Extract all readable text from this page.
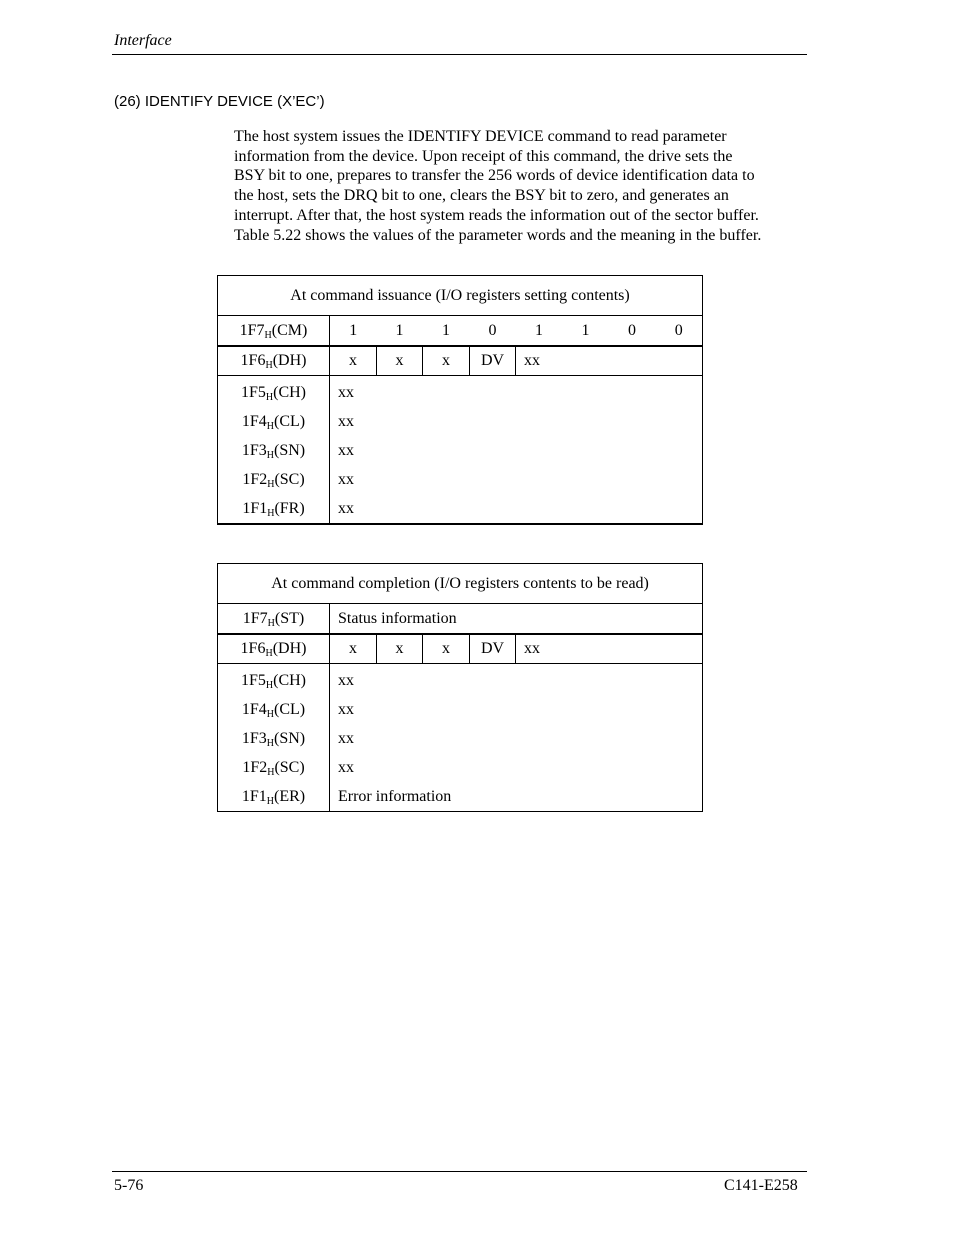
Interface
(26) IDENTIFY DEVICE (X’EC’)
The host system issues the IDENTIFY DEVICE command to read parameter
information from the device. Upon receipt of this command, the drive sets the
BSY bit to one, prepares to transfer the 256 words of device identification data to
the host, sets the DRQ bit to one, clears the BSY bit to zero, and generates an
interrupt. After that, the host system reads the information out of the sector buffer.
Table 5.22 shows the values of the parameter words and the meaning in the buffer.
At command issuance (I/O registers setting contents)								
$1F7_H(CM)$	1	1	1	0	1	1	0	0
$1F6_H(DH)$	x	x	x	DV	xx			
$1F5_H(CH)$	xx							
$1F4_H(CL)$	xx							
$1F3_H(SN)$	xx							
$1F2_H(SC)$	xx							
$1F1_H(FR)$	xx							
At command completion (I/O registers contents to be read)					
$1F7_H(ST)$	Status information				
$1F6_H(DH)$	x	x	x	DV	xx
$1F5_H(CH)$	xx				
$1F4_H(CL)$	xx				
$1F3_H(SN)$	xx				
$1F2_H(SC)$	xx				
$1F1_H(ER)$	Error information				
5-76	C141-E258
